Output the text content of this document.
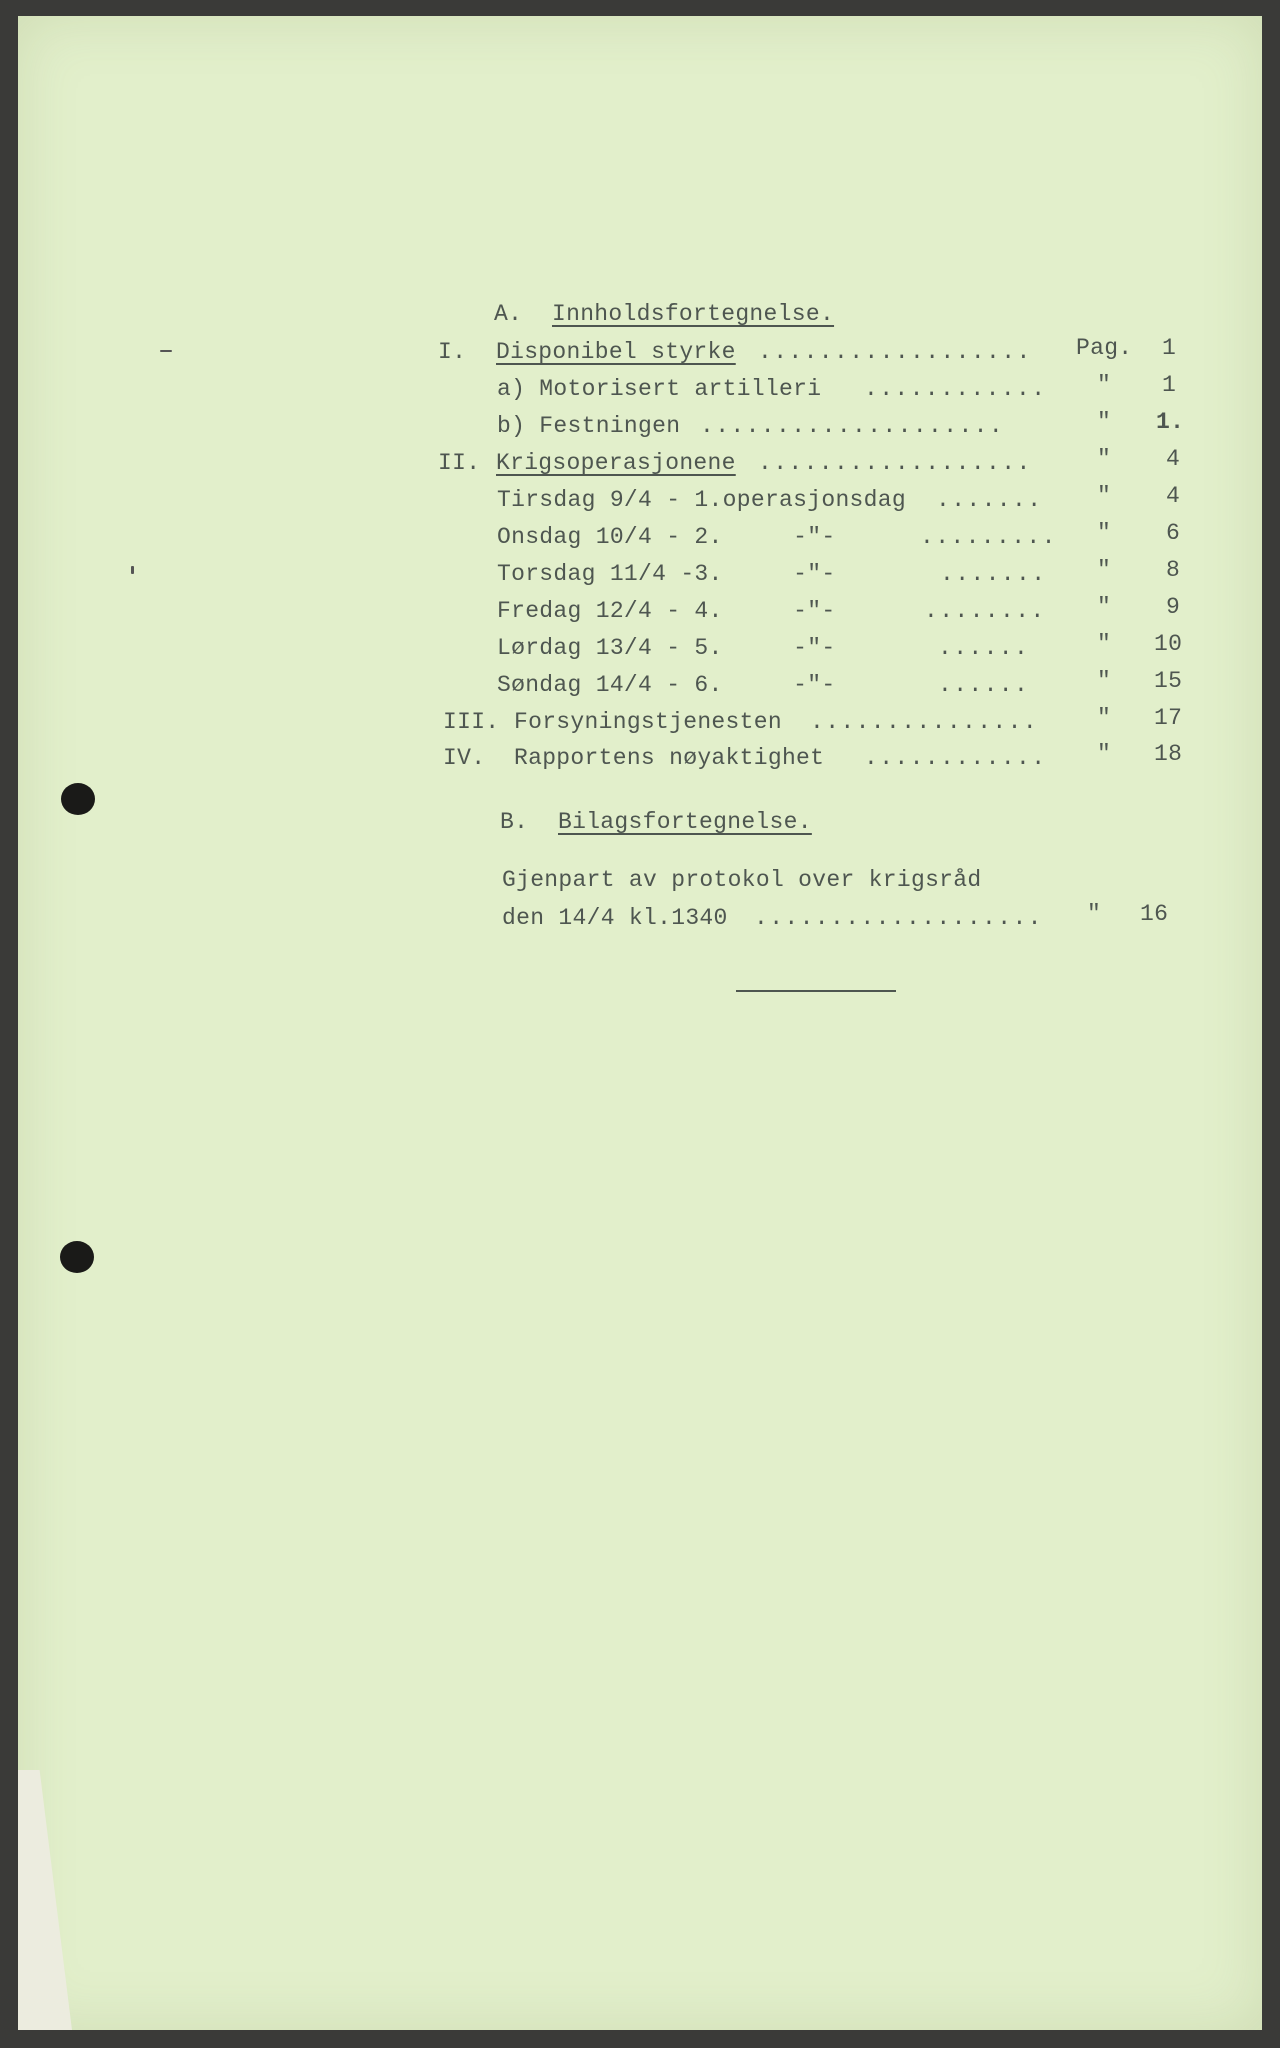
A. Innholdsfortegnelse.
I. Disponibel styrke .................. Pag. 1
a) Motorisert artilleri ............ " 1
b) Festningen ....................	" 1.
II. Krigsoperasjonene ..................	" 4
Tirsdag 9/4 - 1.operasjonsdag ....... " 4
Onsdag 10/4 - 2.     -"-	......... " 6
Torsdag 11/4 -3.     -"-	....... " 8
Fredag 12/4 - 4.     -"-	........ " 9
Lørdag 13/4 - 5.     -"-	......	" 10
Søndag 14/4 - 6.     -"-	......	" 15
III. Forsyningstjenesten ...............	" 17
IV. Rapportens nøyaktighet ............ " 18
B. Bilagsfortegnelse.
Gjenpart av protokol over krigsråd
den 14/4 kl.1340 ................... " 16
